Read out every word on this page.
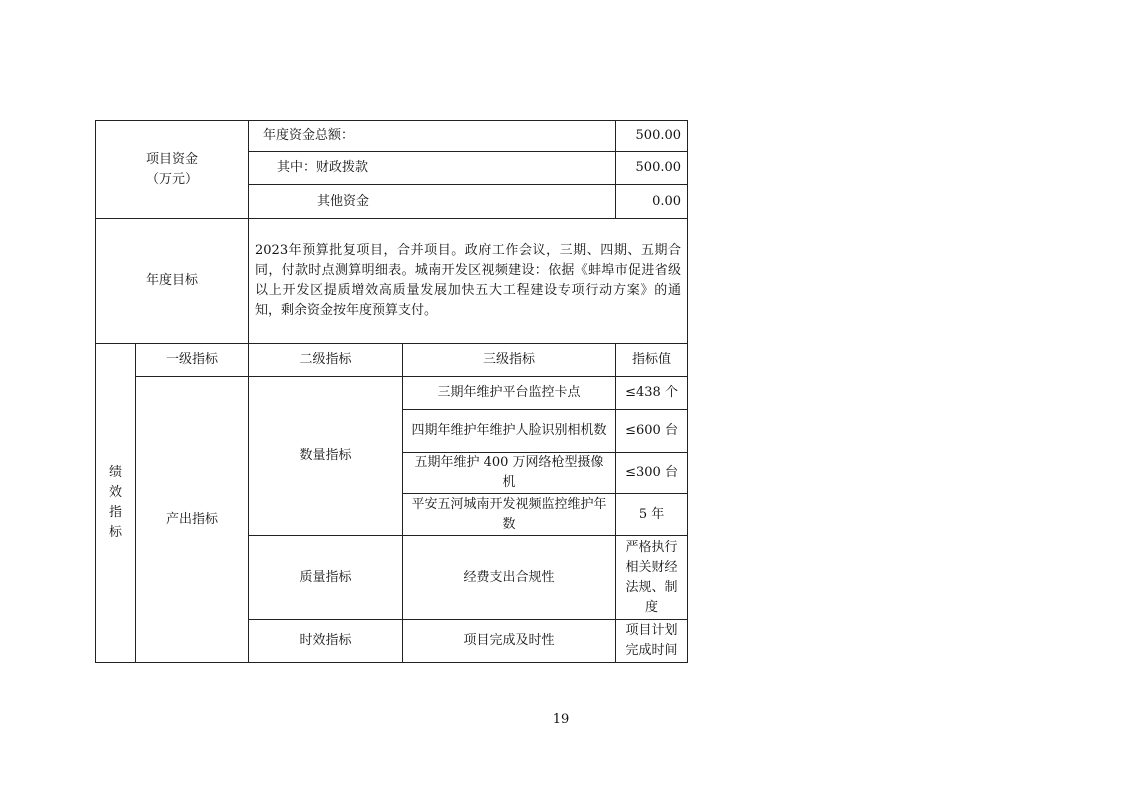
项目资金
（万元）		年度资金总额：		500.00
		其中：财政拨款		500.00
		其他资金		0.00
年度目标		2023年预算批复项目，合并项目。政府工作会议，三期、四期、五期合同，付款时点测算明细表。城南开发区视频建设：依据《蚌埠市促进省级以上开发区提质增效高质量发展加快五大工程建设专项行动方案》的通知，剩余资金按年度预算支付。		

绩
效
指
标	一级指标	二级指标	三级指标	指标值
	产出指标	数量指标	三期年维护平台监控卡点	≤438 个
			四期年维护年维护人脸识别相机数	≤600 台
			五期年维护 400 万网络枪型摄像机	≤300 台
			平安五河城南开发视频监控维护年数	5 年
		质量指标	经费支出合规性	严格执行相关财经法规、制度
		时效指标	项目完成及时性	项目计划完成时间
19
